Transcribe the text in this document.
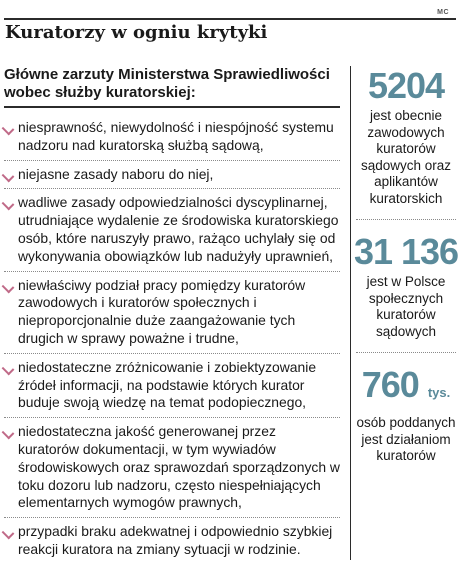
MC
Kuratorzy w ogniu krytyki

Główne zarzuty Ministerstwa Sprawiedliwości wobec służby kuratorskiej:

niesprawność, niewydolność i niespójność systemu nadzoru nad kuratorską służbą sądową,
niejasne zasady naboru do niej,
wadliwe zasady odpowiedzialności dyscyplinarnej, utrudniające wydalenie ze środowiska kuratorskiego osób, które naruszyły prawo, rażąco uchylały się od wykonywania obowiązków lub nadużyły uprawnień,
niewłaściwy podział pracy pomiędzy kuratorów zawodowych i kuratorów społecznych i nieproporcjonalnie duże zaangażowanie tych drugich w sprawy poważne i trudne,
niedostateczne zróżnicowanie i zobiektyzowanie źródeł informacji, na podstawie których kurator buduje swoją wiedzę na temat podopiecznego,
niedostateczna jakość generowanej przez kuratorów dokumentacji, w tym wywiadów środowiskowych oraz sprawozdań sporządzonych w toku dozoru lub nadzoru, często niespełniających elementarnych wymogów prawnych,
przypadki braku adekwatnej i odpowiednio szybkiej reakcji kuratora na zmiany sytuacji w rodzinie.
5204
jest obecnie zawodowych kuratorów sądowych oraz aplikantów kuratorskich
31 136
jest w Polsce społecznych kuratorów sądowych
760 tys.
osób poddanych jest działaniom kuratorów
